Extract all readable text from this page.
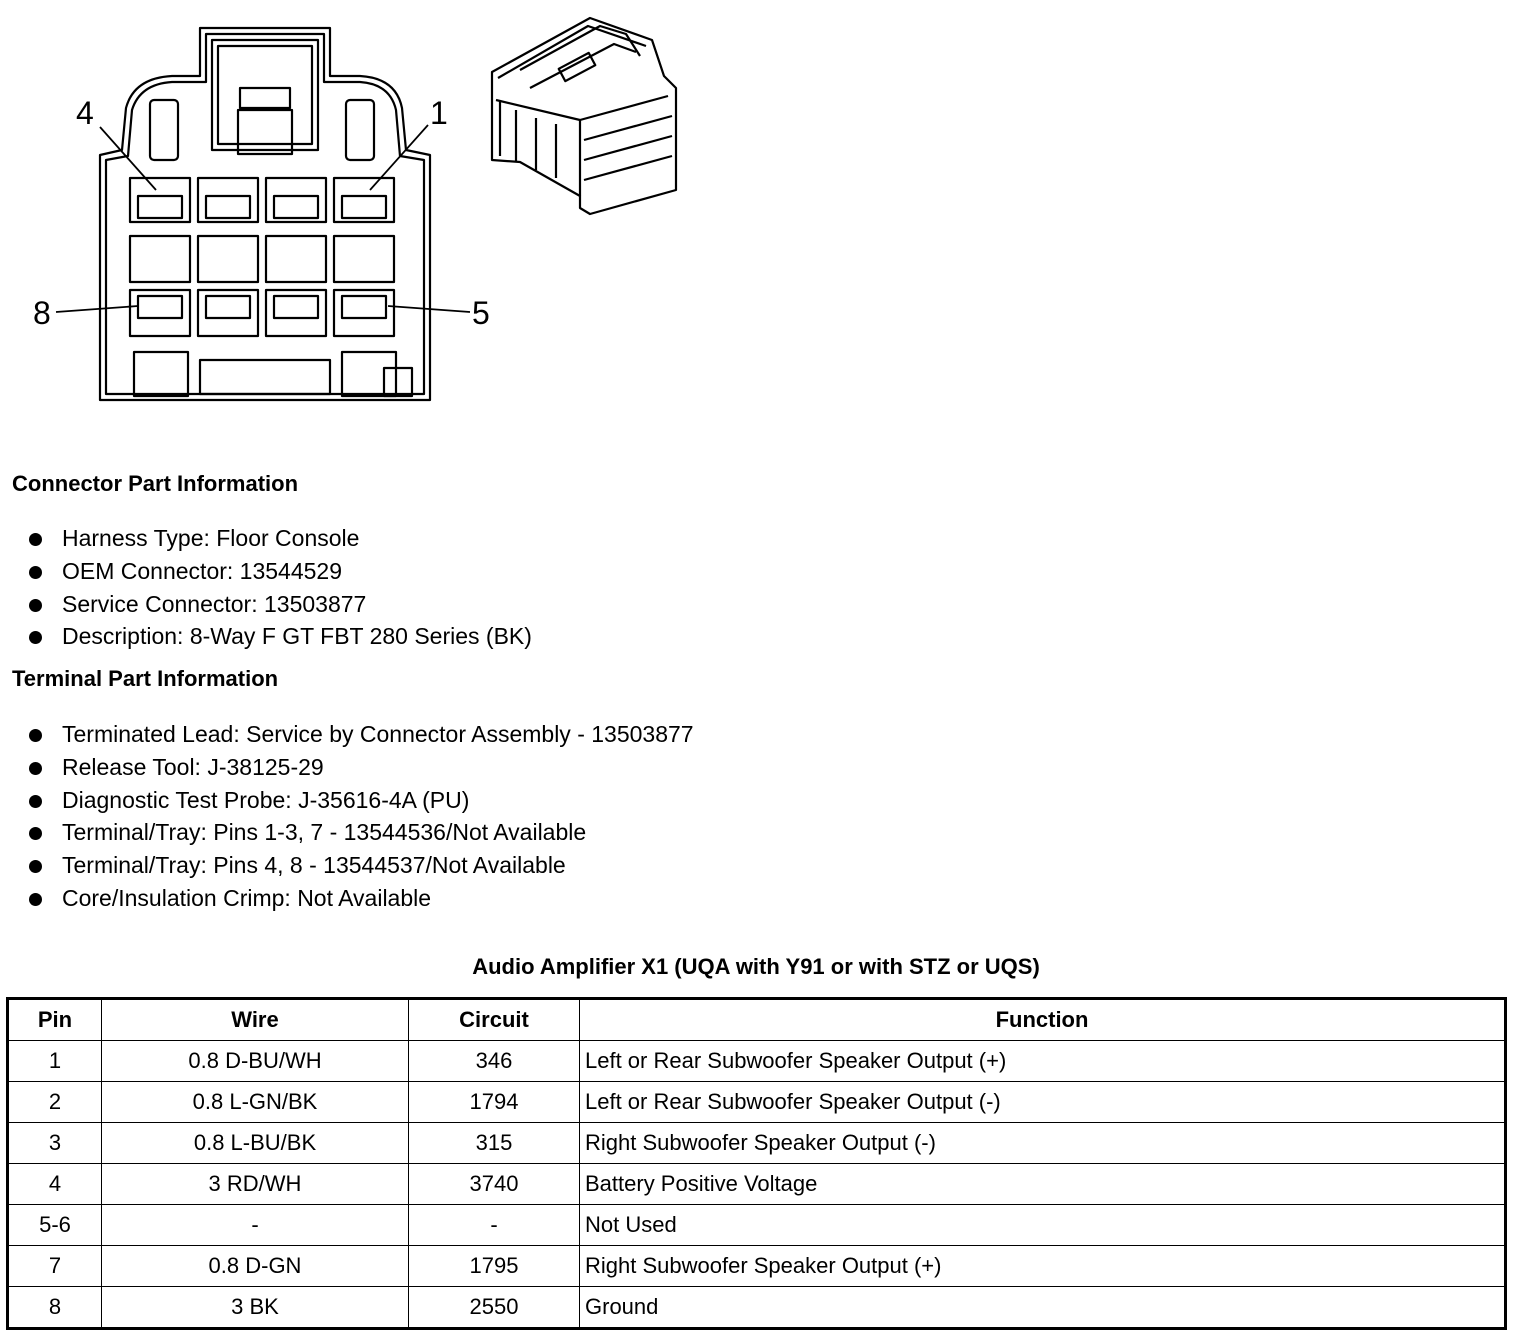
4	1
8	5
Connector Part Information
Harness Type: Floor Console
OEM Connector: 13544529
Service Connector: 13503877
Description: 8-Way F GT FBT 280 Series (BK)
Terminal Part Information
Terminated Lead: Service by Connector Assembly - 13503877
Release Tool: J-38125-29
Diagnostic Test Probe: J-35616-4A (PU)
Terminal/Tray: Pins 1-3, 7 - 13544536/Not Available
Terminal/Tray: Pins 4, 8 - 13544537/Not Available
Core/Insulation Crimp: Not Available
Audio Amplifier X1 (UQA with Y91 or with STZ or UQS)
Pin	Wire	Circuit	Function
1	0.8 D-BU/WH	346	Left or Rear Subwoofer Speaker Output (+)
2	0.8 L-GN/BK	1794	Left or Rear Subwoofer Speaker Output (-)
3	0.8 L-BU/BK	315	Right Subwoofer Speaker Output (-)
4	3 RD/WH	3740	Battery Positive Voltage
5-6	-	-	Not Used
7	0.8 D-GN	1795	Right Subwoofer Speaker Output (+)
8	3 BK	2550	Ground
